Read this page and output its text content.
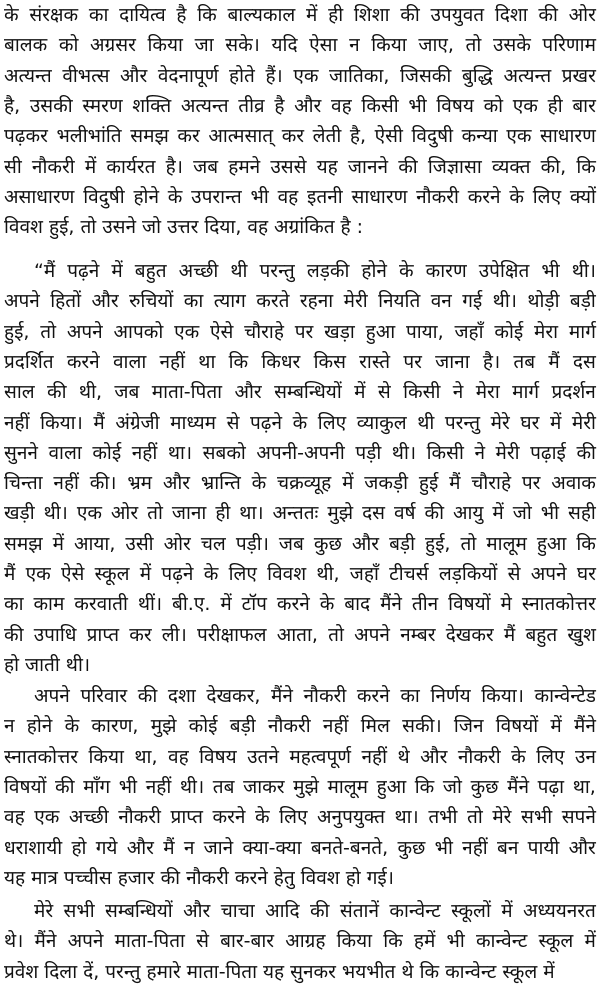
के संरक्षक का दायित्व है कि बाल्यकाल में ही शिशा की उपयुवत दिशा की ओर
बालक को अग्रसर किया जा सके। यदि ऐसा न किया जाए, तो उसके परिणाम
अत्यन्त वीभत्स और वेदनापूर्ण होते हैं। एक जातिका, जिसकी बुद्धि अत्यन्त प्रखर
है, उसकी स्मरण शक्ति अत्यन्त तीव्र है और वह किसी भी विषय को एक ही बार
पढ़कर भलीभांति समझ कर आत्मसात् कर लेती है, ऐसी विदुषी कन्या एक साधारण
सी नौकरी में कार्यरत है। जब हमने उससे यह जानने की जिज्ञासा व्यक्त की, कि
असाधारण विदुषी होने के उपरान्त भी वह इतनी साधारण नौकरी करने के लिए क्यों
विवश हुई, तो उसने जो उत्तर दिया, वह अग्रांकित है :
“मैं पढ़ने में बहुत अच्छी थी परन्तु लड़की होने के कारण उपेक्षित भी थी।
अपने हितों और रुचियों का त्याग करते रहना मेरी नियति वन गई थी। थोड़ी बड़ी
हुई, तो अपने आपको एक ऐसे चौराहे पर खड़ा हुआ पाया, जहाँ कोई मेरा मार्ग
प्रदर्शित करने वाला नहीं था कि किधर किस रास्ते पर जाना है। तब मैं दस
साल की थी, जब माता-पिता और सम्बन्धियों में से किसी ने मेरा मार्ग प्रदर्शन
नहीं किया। मैं अंग्रेजी माध्यम से पढ़ने के लिए व्याकुल थी परन्तु मेरे घर में मेरी
सुनने वाला कोई नहीं था। सबको अपनी-अपनी पड़ी थी। किसी ने मेरी पढ़ाई की
चिन्ता नहीं की। भ्रम और भ्रान्ति के चक्रव्यूह में जकड़ी हुई मैं चौराहे पर अवाक
खड़ी थी। एक ओर तो जाना ही था। अन्ततः मुझे दस वर्ष की आयु में जो भी सही
समझ में आया, उसी ओर चल पड़ी। जब कुछ और बड़ी हुई, तो मालूम हुआ कि
मैं एक ऐसे स्कूल में पढ़ने के लिए विवश थी, जहाँ टीचर्स लड़कियों से अपने घर
का काम करवाती थीं। बी.ए. में टॉप करने के बाद मैंने तीन विषयों मे स्नातकोत्तर
की उपाधि प्राप्त कर ली। परीक्षाफल आता, तो अपने नम्बर देखकर मैं बहुत खुश
हो जाती थी।
अपने परिवार की दशा देखकर, मैंने नौकरी करने का निर्णय किया। कान्वेन्टेड
न होने के कारण, मुझे कोई बड़ी नौकरी नहीं मिल सकी। जिन विषयों में मैंने
स्नातकोत्तर किया था, वह विषय उतने महत्वपूर्ण नहीं थे और नौकरी के लिए उन
विषयों की माँग भी नहीं थी। तब जाकर मुझे मालूम हुआ कि जो कुछ मैंने पढ़ा था,
वह एक अच्छी नौकरी प्राप्त करने के लिए अनुपयुक्त था। तभी तो मेरे सभी सपने
धराशायी हो गये और मैं न जाने क्या-क्या बनते-बनते, कुछ भी नहीं बन पायी और
यह मात्र पच्चीस हजार की नौकरी करने हेतु विवश हो गई।
मेरे सभी सम्बन्धियों और चाचा आदि की संतानें कान्वेन्ट स्कूलों में अध्ययनरत
थे। मैंने अपने माता-पिता से बार-बार आग्रह किया कि हमें भी कान्वेन्ट स्कूल में
प्रवेश दिला दें, परन्तु हमारे माता-पिता यह सुनकर भयभीत थे कि कान्वेन्ट स्कूल में
